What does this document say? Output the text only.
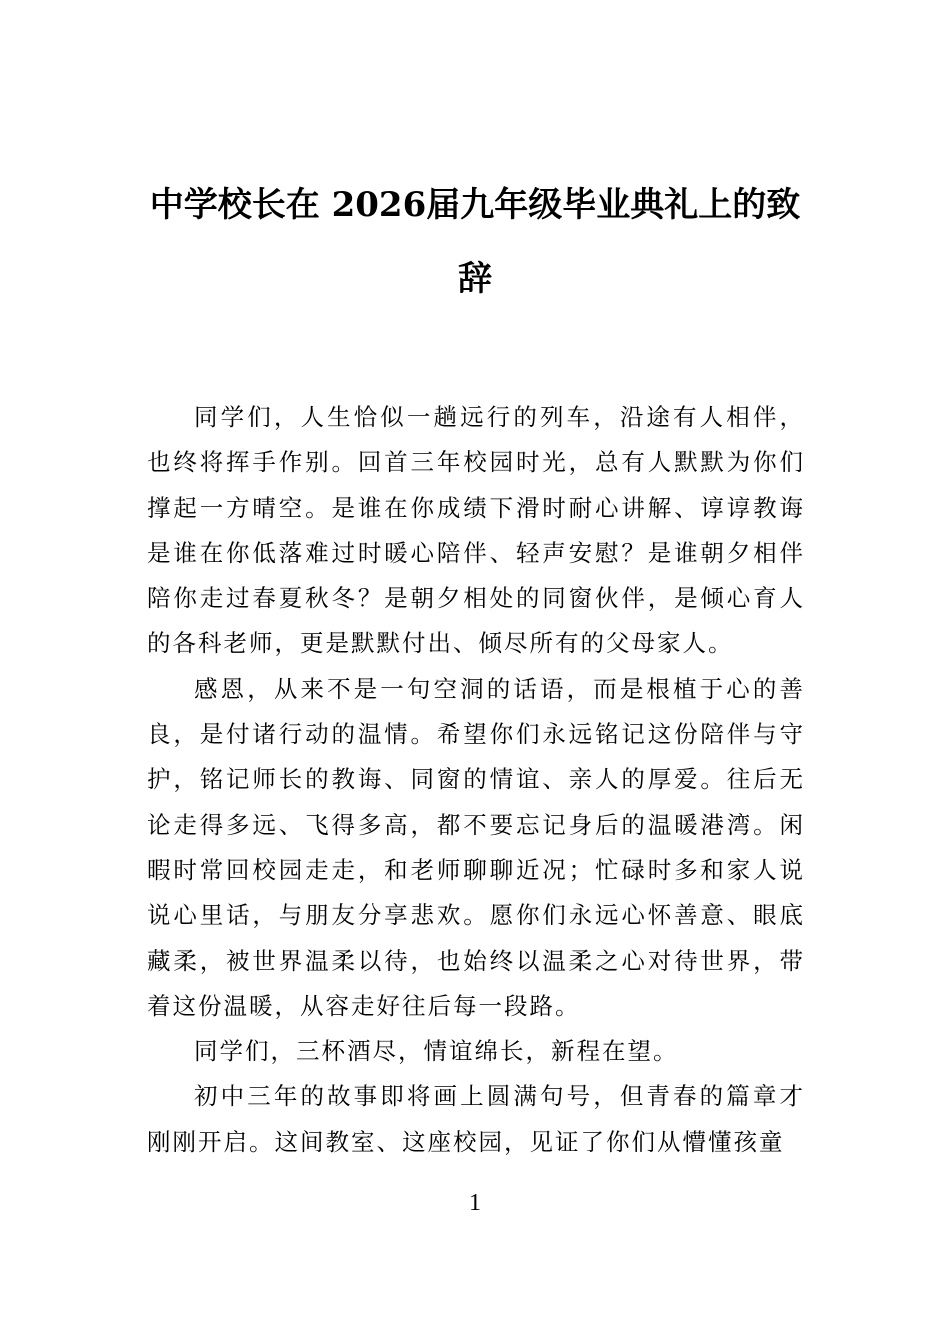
中学校长在 2026届九年级毕业典礼上的致辞

同学们，人生恰似一趟远行的列车，沿途有人相伴，也终将挥手作别。回首三年校园时光，总有人默默为你们撑起一方晴空。是谁在你成绩下滑时耐心讲解、谆谆教诲是谁在你低落难过时暖心陪伴、轻声安慰？是谁朝夕相伴陪你走过春夏秋冬？是朝夕相处的同窗伙伴，是倾心育人的各科老师，更是默默付出、倾尽所有的父母家人。

感恩，从来不是一句空洞的话语，而是根植于心的善良，是付诸行动的温情。希望你们永远铭记这份陪伴与守护，铭记师长的教诲、同窗的情谊、亲人的厚爱。往后无论走得多远、飞得多高，都不要忘记身后的温暖港湾。闲暇时常回校园走走，和老师聊聊近况；忙碌时多和家人说说心里话，与朋友分享悲欢。愿你们永远心怀善意、眼底藏柔，被世界温柔以待，也始终以温柔之心对待世界，带着这份温暖，从容走好往后每一段路。

同学们，三杯酒尽，情谊绵长，新程在望。

初中三年的故事即将画上圆满句号，但青春的篇章才刚刚开启。这间教室、这座校园，见证了你们从懵懂孩童

1
